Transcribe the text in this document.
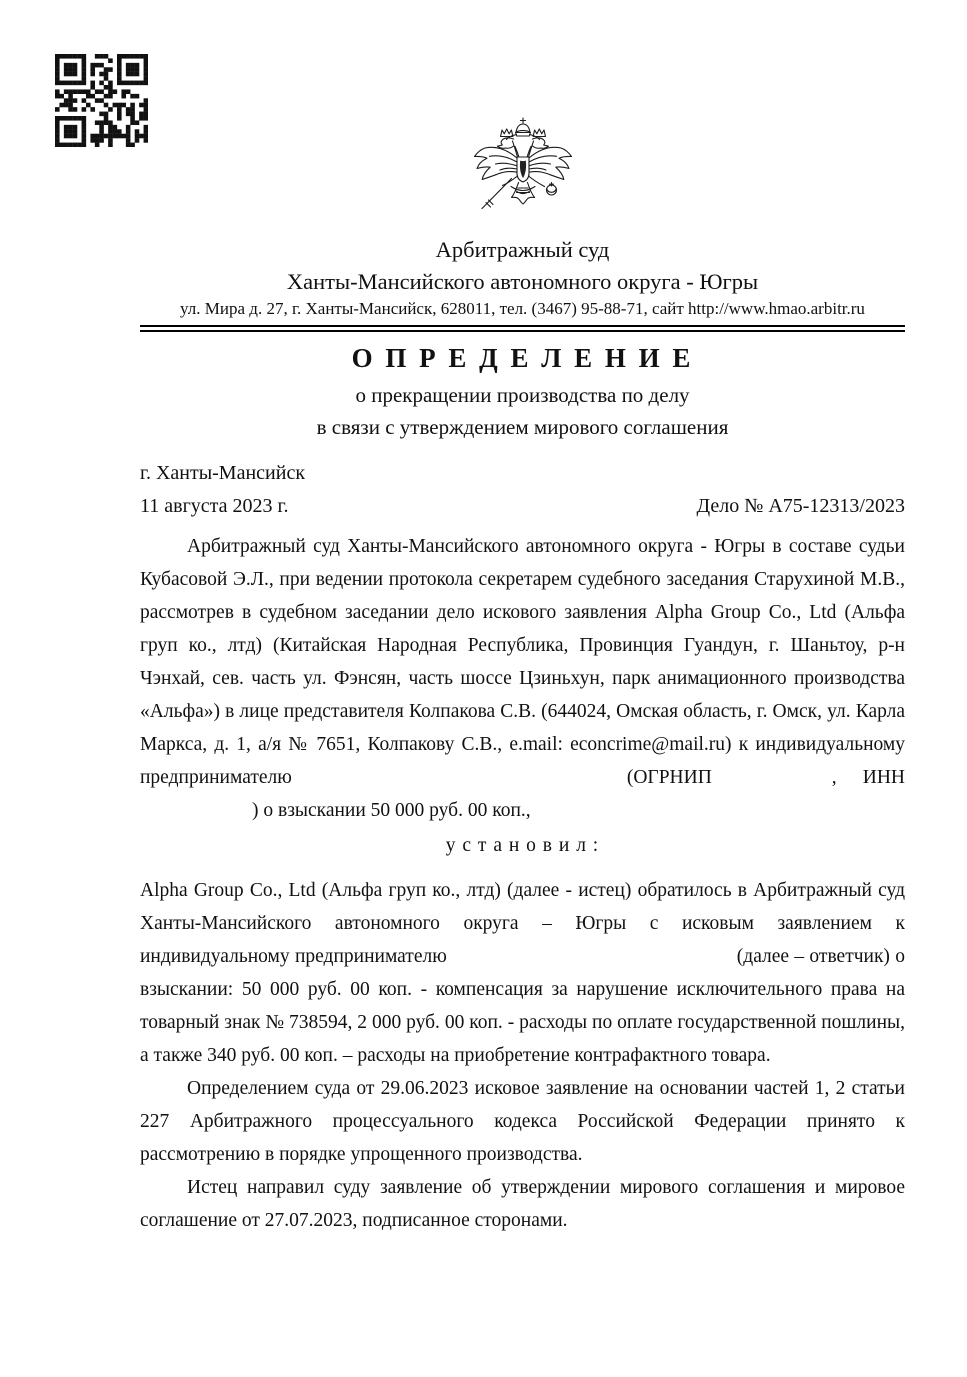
Арбитражный суд
Ханты-Мансийского автономного округа - Югры
ул. Мира д. 27, г. Ханты-Мансийск, 628011, тел. (3467) 95-88-71, сайт http://www.hmao.arbitr.ru
О П Р Е Д Е Л Е Н И Е
о прекращении производства по делу
в связи с утверждением мирового соглашения
г. Ханты-Мансийск
11 августа 2023 г.	Дело № А75-12313/2023
Арбитражный суд Ханты-Мансийского автономного округа - Югры в составе судьи Кубасовой Э.Л., при ведении протокола секретарем судебного заседания Старухиной М.В., рассмотрев в судебном заседании дело искового заявления Alpha Group Co., Ltd (Альфа груп ко., лтд) (Китайская Народная Республика, Провинция Гуандун, г. Шаньтоу, р-н Чэнхай, сев. часть ул. Фэнсян, часть шоссе Цзиньхун, парк анимационного производства «Альфа») в лице представителя Колпакова С.В. (644024, Омская область, г. Омск, ул. Карла Маркса, д. 1, а/я № 7651, Колпакову С.В., e.mail: econcrime@mail.ru) к индивидуальному предпринимателю	(ОГРНИП	, ИНН) о взыскании 50 000 руб. 00 коп.,
у с т а н о в и л :
Alpha Group Co., Ltd (Альфа груп ко., лтд) (далее - истец) обратилось в Арбитражный суд Ханты-Мансийского автономного округа – Югры с исковым заявлением к индивидуальному предпринимателю	(далее – ответчик) о взыскании: 50 000 руб. 00 коп. - компенсация за нарушение исключительного права на товарный знак № 738594, 2 000 руб. 00 коп. - расходы по оплате государственной пошлины, а также 340 руб. 00 коп. – расходы на приобретение контрафактного товара.
Определением суда от 29.06.2023 исковое заявление на основании частей 1, 2 статьи 227 Арбитражного процессуального кодекса Российской Федерации принято к рассмотрению в порядке упрощенного производства.
Истец направил суду заявление об утверждении мирового соглашения и мировое соглашение от 27.07.2023, подписанное сторонами.
